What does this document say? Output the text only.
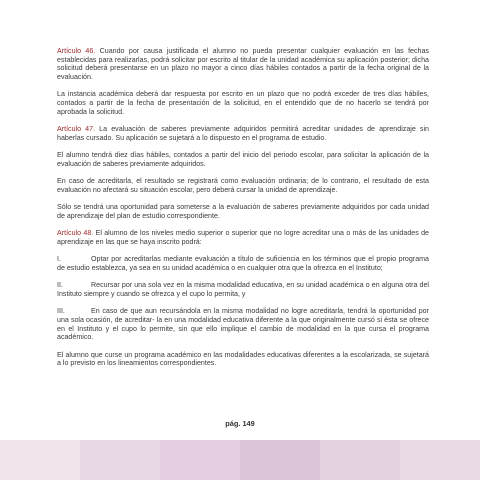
Artículo 46. Cuando por causa justificada el alumno no pueda presentar cualquier evaluación en las fechas establecidas para realizarlas, podrá solicitar por escrito al titular de la unidad académica su aplicación posterior; dicha solicitud deberá presentarse en un plazo no mayor a cinco días hábiles contados a partir de la fecha original de la evaluación.

La instancia académica deberá dar respuesta por escrito en un plazo que no podrá exceder de tres días hábiles, contados a partir de la fecha de presentación de la solicitud, en el entendido que de no hacerlo se tendrá por aprobada la solicitud.

Artículo 47. La evaluación de saberes previamente adquiridos permitirá acreditar unidades de aprendizaje sin haberlas cursado. Su aplicación se sujetará a lo dispuesto en el programa de estudio.

El alumno tendrá diez días hábiles, contados a partir del inicio del periodo escolar, para solicitar la aplicación de la evaluación de saberes previamente adquiridos.

En caso de acreditarla, el resultado se registrará como evaluación ordinaria; de lo contrario, el resultado de esta evaluación no afectará su situación escolar, pero deberá cursar la unidad de aprendizaje.

Sólo se tendrá una oportunidad para someterse a la evaluación de saberes previamente adquiridos por cada unidad de aprendizaje del plan de estudio correspondiente.

Artículo 48. El alumno de los niveles medio superior o superior que no logre acreditar una o más de las unidades de aprendizaje en las que se haya inscrito podrá:

I.	Optar por acreditarlas mediante evaluación a título de suficiencia en los términos que el propio programa de estudio establezca, ya sea en su unidad académica o en cualquier otra que la ofrezca en el Instituto;

II.	Recursar por una sola vez en la misma modalidad educativa, en su unidad académica o en alguna otra del Instituto siempre y cuando se ofrezca y el cupo lo permita, y

III.	En caso de que aun recursándola en la misma modalidad no logre acreditarla, tendrá la oportunidad por una sola ocasión, de acreditar- la en una modalidad educativa diferente a la que originalmente cursó si ésta se ofrece en el Instituto y el cupo lo permite, sin que ello implique el cambio de modalidad en la que cursa el programa académico.

El alumno que curse un programa académico en las modalidades educativas diferentes a la escolarizada, se sujetará a lo previsto en los lineamientos correspondientes.

pág. 149
